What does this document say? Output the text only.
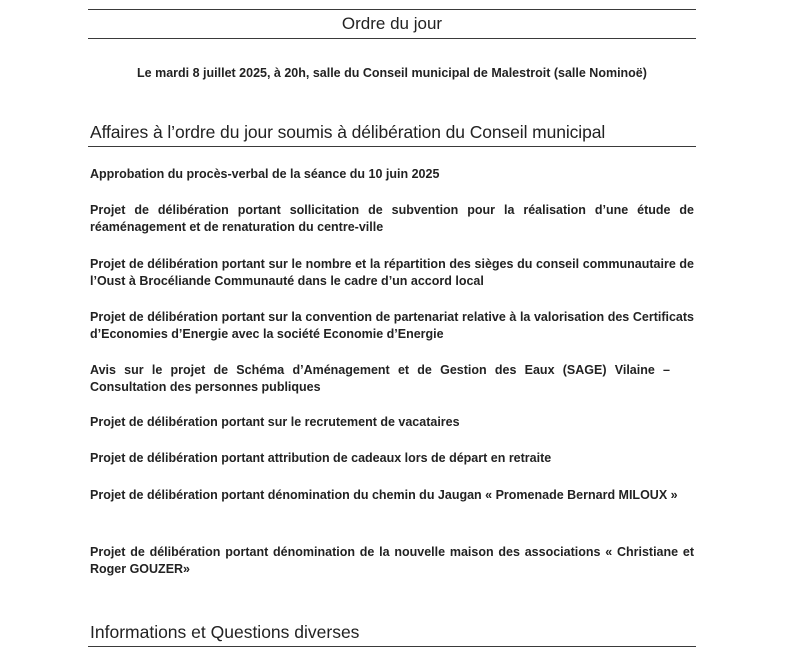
Ordre du jour
Le mardi 8 juillet 2025, à 20h, salle du Conseil municipal de Malestroit (salle Nominoë)
Affaires à l’ordre du jour soumis à délibération du Conseil municipal
Approbation du procès-verbal de la séance du 10 juin 2025
Projet de délibération portant sollicitation de subvention pour la réalisation d’une étude de réaménagement et de renaturation du centre-ville
Projet de délibération portant sur le nombre et la répartition des sièges du conseil communautaire de l’Oust à Brocéliande Communauté dans le cadre d’un accord local
Projet de délibération portant sur la convention de partenariat relative à la valorisation des Certificats d’Economies d’Energie avec la société Economie d’Energie
Avis sur le projet de Schéma d’Aménagement et de Gestion des Eaux (SAGE) Vilaine – Consultation des personnes publiques
Projet de délibération portant sur le recrutement de vacataires
Projet de délibération portant attribution de cadeaux lors de départ en retraite
Projet de délibération portant dénomination du chemin du Jaugan « Promenade Bernard MILOUX »
Projet de délibération portant dénomination de la nouvelle maison des associations « Christiane et Roger GOUZER»
Informations et Questions diverses
